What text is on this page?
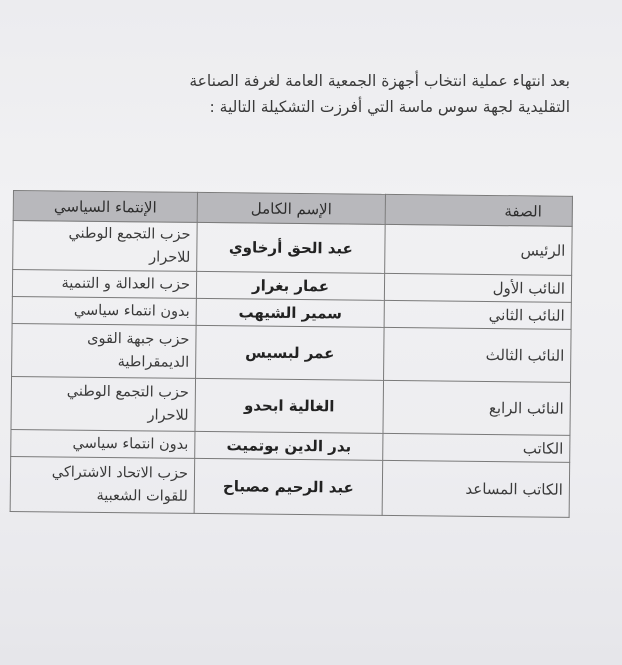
بعد انتهاء عملية انتخاب أجهزة الجمعية العامة لغرفة الصناعة
التقليدية لجهة سوس ماسة التي أفرزت التشكيلة التالية :
الصفة	الإسم الكامل	الإنتماء السياسي
الرئيس	عبد الحق أرخاوي	حزب التجمع الوطني
للاحرار

النائب الأول	عمار بغرار	حزب العدالة و التنمية

النائب الثاني	سمير الشيهب	بدون انتماء سياسي

النائب الثالث	عمر لبسيس	حزب جبهة القوى
الديمقراطية

النائب الرابع	الغالية ابحدو	حزب التجمع الوطني
للاحرار

الكاتب	بدر الدين بوتميت	بدون انتماء سياسي

الكاتب المساعد	عبد الرحيم مصباح	حزب الاتحاد الاشتراكي
للقوات الشعبية
